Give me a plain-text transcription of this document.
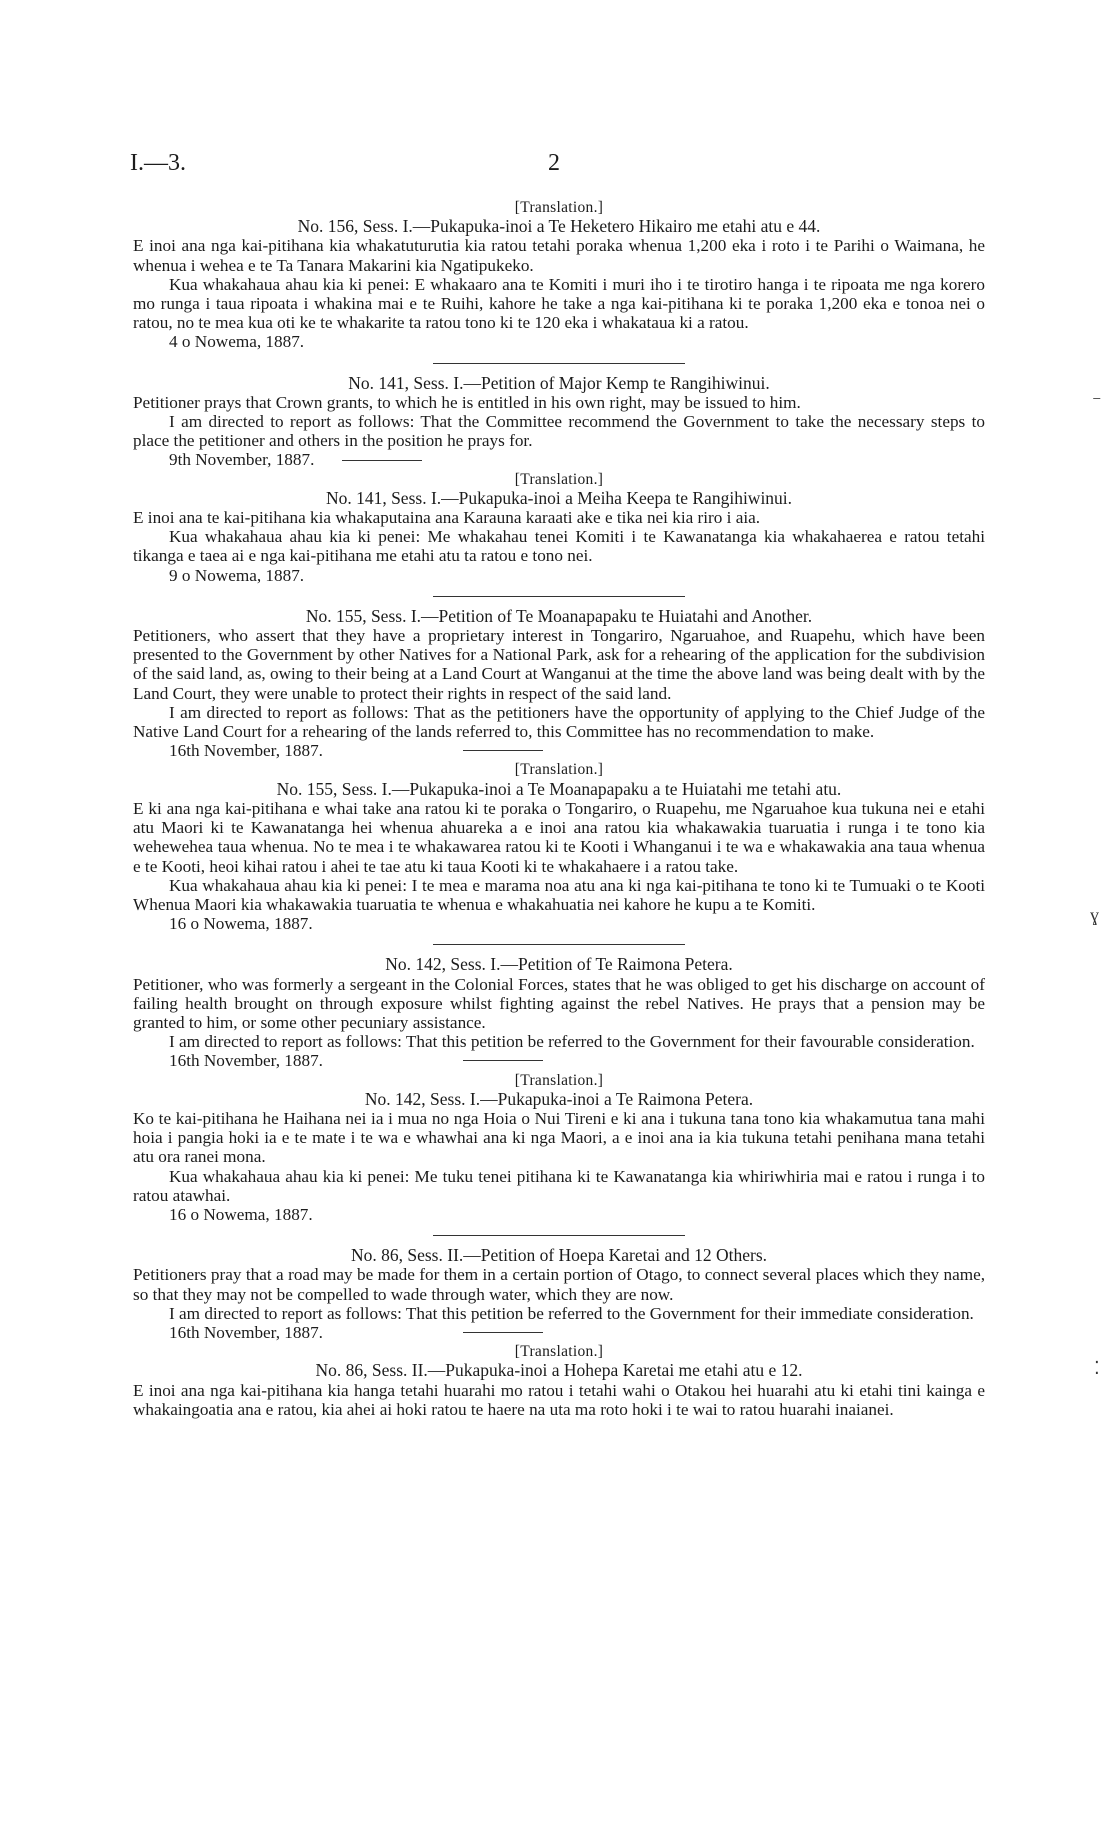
I.—3.	2
⁻
ɣ
⁚

[Translation.]

No. 156, Sess. I.—Pukapuka-inoi a Te Heketero Hikairo me etahi atu e 44.

E inoi ana nga kai-pitihana kia whakatuturutia kia ratou tetahi poraka whenua 1,200 eka i roto i te Parihi o Waimana, he whenua i wehea e te Ta Tanara Makarini kia Ngatipukeko.

Kua whakahaua ahau kia ki penei: E whakaaro ana te Komiti i muri iho i te tirotiro hanga i te ripoata me nga korero mo runga i taua ripoata i whakina mai e te Ruihi, kahore he take a nga kai-pitihana ki te poraka 1,200 eka e tonoa nei o ratou, no te mea kua oti ke te whakarite ta ratou tono ki te 120 eka i whakataua ki a ratou.

4 o Nowema, 1887.

No. 141, Sess. I.—Petition of Major Kemp te Rangihiwinui.

Petitioner prays that Crown grants, to which he is entitled in his own right, may be issued to him.

I am directed to report as follows: That the Committee recommend the Government to take the necessary steps to place the petitioner and others in the position he prays for.

9th November, 1887.

[Translation.]

No. 141, Sess. I.—Pukapuka-inoi a Meiha Keepa te Rangihiwinui.

E inoi ana te kai-pitihana kia whakaputaina ana Karauna karaati ake e tika nei kia riro i aia.

Kua whakahaua ahau kia ki penei: Me whakahau tenei Komiti i te Kawanatanga kia whakahaerea e ratou tetahi tikanga e taea ai e nga kai-pitihana me etahi atu ta ratou e tono nei.

9 o Nowema, 1887.

No. 155, Sess. I.—Petition of Te Moanapapaku te Huiatahi and Another.

Petitioners, who assert that they have a proprietary interest in Tongariro, Ngaruahoe, and Ruapehu, which have been presented to the Government by other Natives for a National Park, ask for a rehearing of the application for the subdivision of the said land, as, owing to their being at a Land Court at Wanganui at the time the above land was being dealt with by the Land Court, they were unable to protect their rights in respect of the said land.

I am directed to report as follows: That as the petitioners have the opportunity of applying to the Chief Judge of the Native Land Court for a rehearing of the lands referred to, this Committee has no recommendation to make.

16th November, 1887.

[Translation.]

No. 155, Sess. I.—Pukapuka-inoi a Te Moanapapaku a te Huiatahi me tetahi atu.

E ki ana nga kai-pitihana e whai take ana ratou ki te poraka o Tongariro, o Ruapehu, me Ngaruahoe kua tukuna nei e etahi atu Maori ki te Kawanatanga hei whenua ahuareka a e inoi ana ratou kia whakawakia tuaruatia i runga i te tono kia wehewehea taua whenua. No te mea i te whakawarea ratou ki te Kooti i Whanganui i te wa e whakawakia ana taua whenua e te Kooti, heoi kihai ratou i ahei te tae atu ki taua Kooti ki te whakahaere i a ratou take.

Kua whakahaua ahau kia ki penei: I te mea e marama noa atu ana ki nga kai-pitihana te tono ki te Tumuaki o te Kooti Whenua Maori kia whakawakia tuaruatia te whenua e whakahuatia nei kahore he kupu a te Komiti.

16 o Nowema, 1887.

No. 142, Sess. I.—Petition of Te Raimona Petera.

Petitioner, who was formerly a sergeant in the Colonial Forces, states that he was obliged to get his discharge on account of failing health brought on through exposure whilst fighting against the rebel Natives. He prays that a pension may be granted to him, or some other pecuniary assistance.

I am directed to report as follows: That this petition be referred to the Government for their favourable consideration.

16th November, 1887.

[Translation.]

No. 142, Sess. I.—Pukapuka-inoi a Te Raimona Petera.

Ko te kai-pitihana he Haihana nei ia i mua no nga Hoia o Nui Tireni e ki ana i tukuna tana tono kia whakamutua tana mahi hoia i pangia hoki ia e te mate i te wa e whawhai ana ki nga Maori, a e inoi ana ia kia tukuna tetahi penihana mana tetahi atu ora ranei mona.

Kua whakahaua ahau kia ki penei: Me tuku tenei pitihana ki te Kawanatanga kia whiriwhiria mai e ratou i runga i to ratou atawhai.

16 o Nowema, 1887.

No. 86, Sess. II.—Petition of Hoepa Karetai and 12 Others.

Petitioners pray that a road may be made for them in a certain portion of Otago, to connect several places which they name, so that they may not be compelled to wade through water, which they are now.

I am directed to report as follows: That this petition be referred to the Government for their immediate consideration.

16th November, 1887.

[Translation.]

No. 86, Sess. II.—Pukapuka-inoi a Hohepa Karetai me etahi atu e 12.

E inoi ana nga kai-pitihana kia hanga tetahi huarahi mo ratou i tetahi wahi o Otakou hei huarahi atu ki etahi tini kainga e whakaingoatia ana e ratou, kia ahei ai hoki ratou te haere na uta ma roto hoki i te wai to ratou huarahi inaianei.
